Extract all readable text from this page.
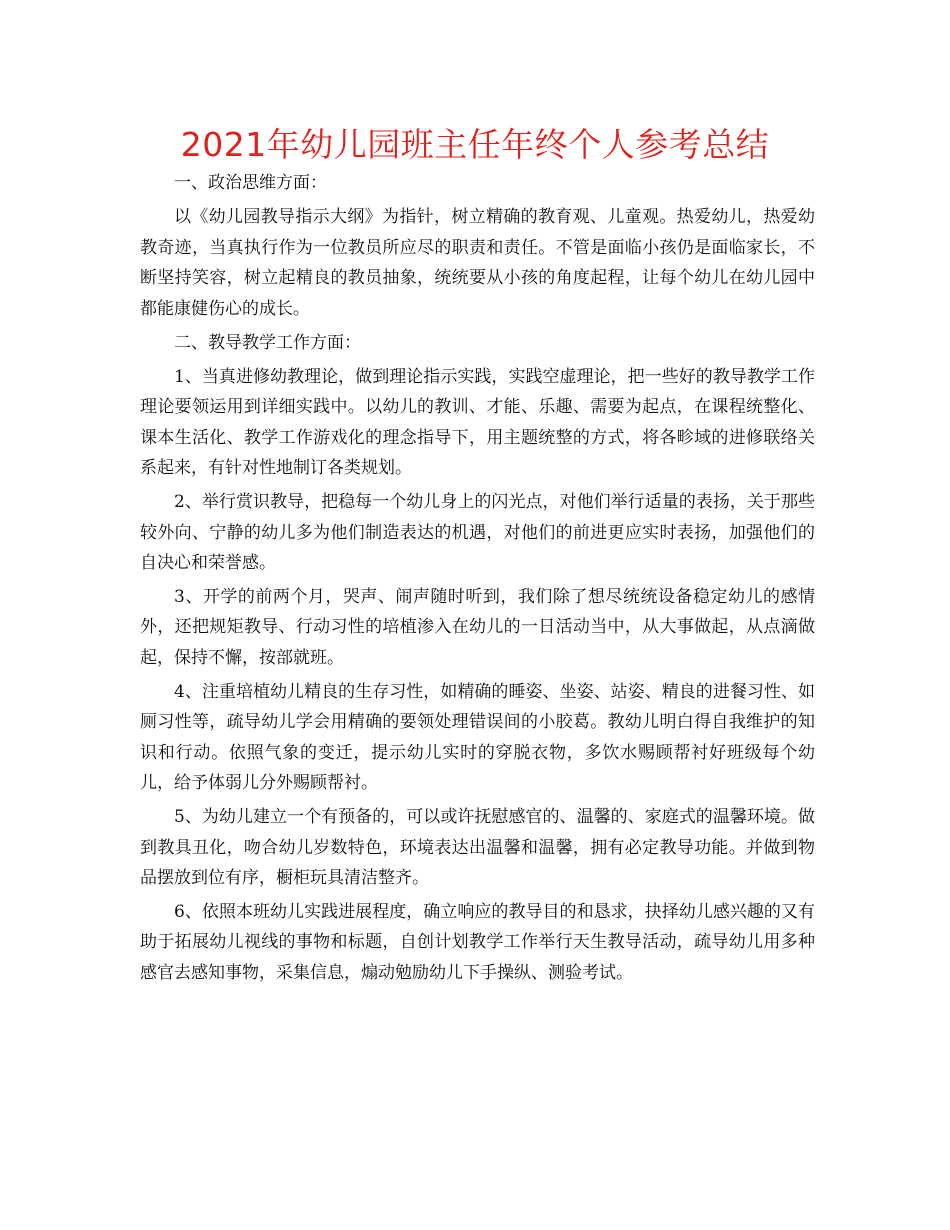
2021年幼儿园班主任年终个人参考总结

一、政治思维方面：

以《幼儿园教导指示大纲》为指针，树立精确的教育观、儿童观。热爱幼儿，热爱幼教奇迹，当真执行作为一位教员所应尽的职责和责任。不管是面临小孩仍是面临家长，不断坚持笑容，树立起精良的教员抽象，统统要从小孩的角度起程，让每个幼儿在幼儿园中都能康健伤心的成长。

二、教导教学工作方面：

1、当真进修幼教理论，做到理论指示实践，实践空虚理论，把一些好的教导教学工作理论要领运用到详细实践中。以幼儿的教训、才能、乐趣、需要为起点，在课程统整化、课本生活化、教学工作游戏化的理念指导下，用主题统整的方式，将各畛域的进修联络关系起来，有针对性地制订各类规划。

2、举行赏识教导，把稳每一个幼儿身上的闪光点，对他们举行适量的表扬，关于那些较外向、宁静的幼儿多为他们制造表达的机遇，对他们的前进更应实时表扬，加强他们的自决心和荣誉感。

3、开学的前两个月，哭声、闹声随时听到，我们除了想尽统统设备稳定幼儿的感情外，还把规矩教导、行动习性的培植渗入在幼儿的一日活动当中，从大事做起，从点滴做起，保持不懈，按部就班。

4、注重培植幼儿精良的生存习性，如精确的睡姿、坐姿、站姿、精良的进餐习性、如厕习性等，疏导幼儿学会用精确的要领处理错误间的小胶葛。教幼儿明白得自我维护的知识和行动。依照气象的变迁，提示幼儿实时的穿脱衣物，多饮水赐顾帮衬好班级每个幼儿，给予体弱儿分外赐顾帮衬。

5、为幼儿建立一个有预备的，可以或许抚慰感官的、温馨的、家庭式的温馨环境。做到教具丑化，吻合幼儿岁数特色，环境表达出温馨和温馨，拥有必定教导功能。并做到物品摆放到位有序，橱柜玩具清洁整齐。

6、依照本班幼儿实践进展程度，确立响应的教导目的和恳求，抉择幼儿感兴趣的又有助于拓展幼儿视线的事物和标题，自创计划教学工作举行天生教导活动，疏导幼儿用多种感官去感知事物，采集信息，煽动勉励幼儿下手操纵、测验考试。
